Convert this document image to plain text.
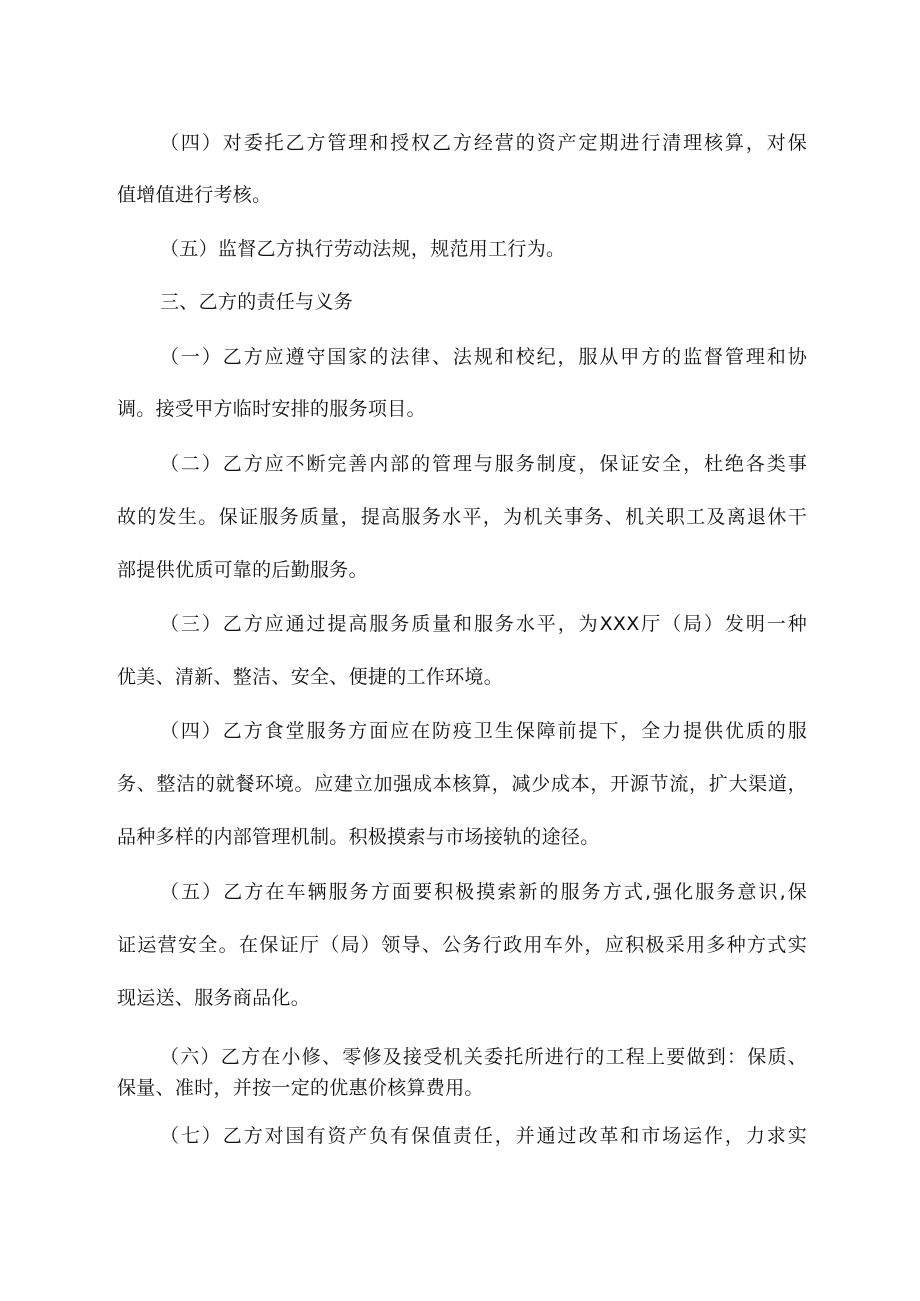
（四）对委托乙方管理和授权乙方经营的资产定期进行清理核算，对保
值增值进行考核。
（五）监督乙方执行劳动法规，规范用工行为。
三、乙方的责任与义务
（一）乙方应遵守国家的法律、法规和校纪，服从甲方的监督管理和协
调。接受甲方临时安排的服务项目。
（二）乙方应不断完善内部的管理与服务制度，保证安全，杜绝各类事
故的发生。保证服务质量，提高服务水平，为机关事务、机关职工及离退休干
部提供优质可靠的后勤服务。
（三）乙方应通过提高服务质量和服务水平，为XXX厅（局）发明一种
优美、清新、整洁、安全、便捷的工作环境。
（四）乙方食堂服务方面应在防疫卫生保障前提下，全力提供优质的服
务、整洁的就餐环境。应建立加强成本核算，减少成本，开源节流，扩大渠道，
品种多样的内部管理机制。积极摸索与市场接轨的途径。
（五）乙方在车辆服务方面要积极摸索新的服务方式,强化服务意识,保
证运营安全。在保证厅（局）领导、公务行政用车外，应积极采用多种方式实
现运送、服务商品化。
（六）乙方在小修、零修及接受机关委托所进行的工程上要做到：保质、
保量、准时，并按一定的优惠价核算费用。
（七）乙方对国有资产负有保值责任，并通过改革和市场运作，力求实
